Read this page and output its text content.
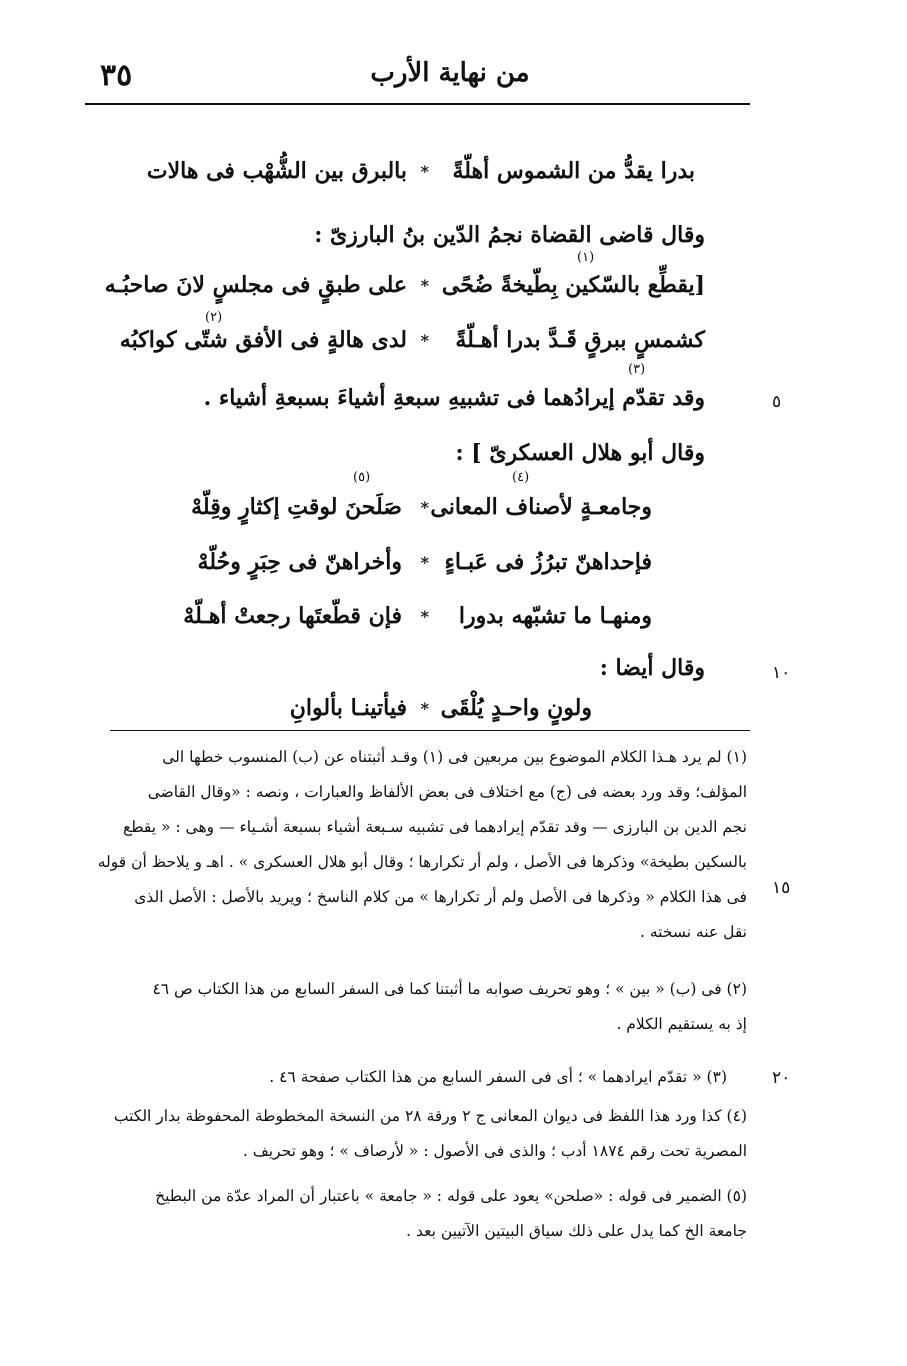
٣٥	من نهاية الأرب
بدرا يقدُّ من الشموس أهلّةً
*
بالبرق بين الشُّهْب فى هالات
وقال قاضى القضاة نجمُ الدّين بنُ البارزىّ :
(١)
[يقطِّع بالسّكين بِطّيخةً ضُحًى
*
على طبقٍ فى مجلسٍ لانَ صاحبُـه
(٢)
كشمسٍ ببرقٍ قَـدَّ بدرا أهـلّةً
*
لدى هالةٍ فى الأفق شتّى كواكبُه
(٣)
وقد تقدّم إيرادُهما فى تشبيهِ سبعةِ أشياءَ بسبعةِ أشياء .	٥
وقال أبو هلال العسكرىّ ] :
(٤)
(٥)
وجامعـةٍ لأصناف المعانى
*
صَلَحنَ لوقتِ إكثارٍ وقِلّهْ
فإحداهنّ تبرُزُ فى عَبـاءٍ
*
وأخراهنّ فى حِبَرٍ وحُلّهْ
ومنهـا ما تشبّهه بدورا
*
فإن قطّعتَها رجعتْ أهـلّهْ
وقال أيضا :	١٠
ولونٍ واحـدٍ يُلْقَى
*
فيأتينـا بألوانِ
(١) لم يرد هـذا الكلام الموضوع بين مربعين فى (١) وقـد أثبتناه عن (ب) المنسوب خطها الى
المؤلف؛ وقد ورد بعضه فى (ج) مع اختلاف فى بعض الألفاظ والعبارات ، ونصه : «وقال القاضى
نجم الدين بن البارزى — وقد تقدّم إيرادهما فى تشبيه سـبعة أشياء بسبعة أشـياء — وهى : « يقطع
بالسكين بطيخة» وذكرها فى الأصل ، ولم أر تكرارها ؛ وقال أبو هلال العسكرى » . اهـ و يلاحظ أن قوله
١٥
فى هذا الكلام « وذكرها فى الأصل ولم أر تكرارها » من كلام الناسخ ؛ ويريد بالأصل : الأصل الذى
نقل عنه نسخته .
(٢) فى (ب) « بين » ؛ وهو تحريف صوابه ما أثبتنا كما فى السفر السابع من هذا الكتاب ص ٤٦
إذ به يستقيم الكلام .
(٣) « تقدّم ايرادهما » ؛ أى فى السفر السابع من هذا الكتاب صفحة ٤٦ .	٢٠
(٤) كذا ورد هذا اللفظ فى ديوان المعانى ج ٢ ورقة ٢٨ من النسخة المخطوطة المحفوظة بدار الكتب
المصرية تحت رقم ١٨٧٤ أدب ؛ والذى فى الأصول : « لأرصاف » ؛ وهو تحريف .
(٥) الضمير فى قوله : «صلحن» يعود على قوله : « جامعة » باعتبار أن المراد عدّة من البطيخ
جامعة الخ كما يدل على ذلك سياق البيتين الآتيين بعد .
